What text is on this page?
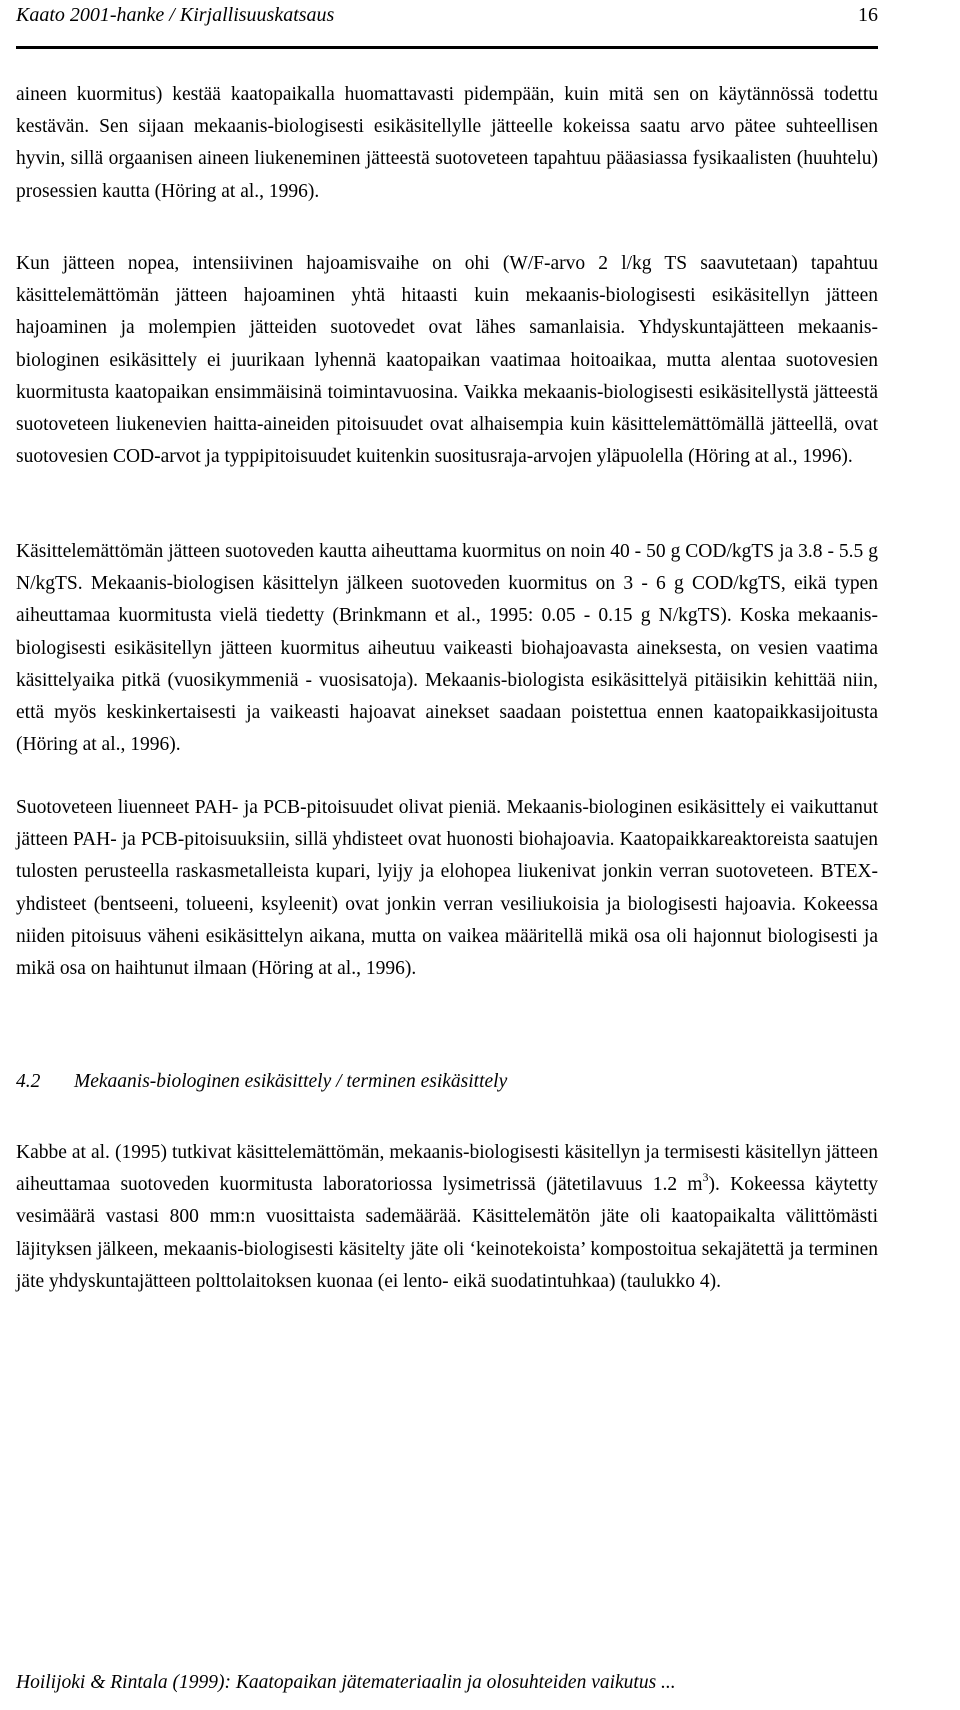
Kaato 2001-hanke / Kirjallisuuskatsaus	16

aineen kuormitus) kestää kaatopaikalla huomattavasti pidempään, kuin mitä sen on käytännössä todettu kestävän. Sen sijaan mekaanis-biologisesti esikäsitellylle jätteelle kokeissa saatu arvo pätee suhteellisen hyvin, sillä orgaanisen aineen liukeneminen jätteestä suotoveteen tapahtuu pääasiassa fysikaalisten (huuhtelu) prosessien kautta (Höring at al., 1996).

Kun jätteen nopea, intensiivinen hajoamisvaihe on ohi (W/F-arvo 2 l/kg TS saavutetaan) tapahtuu käsittelemättömän jätteen hajoaminen yhtä hitaasti kuin mekaanis-biologisesti esikäsitellyn jätteen hajoaminen ja molempien jätteiden suotovedet ovat lähes samanlaisia. Yhdyskuntajätteen mekaanis-biologinen esikäsittely ei juurikaan lyhennä kaatopaikan vaatimaa hoitoaikaa, mutta alentaa suotovesien kuormitusta kaatopaikan ensimmäisinä toimintavuosina. Vaikka mekaanis-biologisesti esikäsitellystä jätteestä suotoveteen liukenevien haitta-aineiden pitoisuudet ovat alhaisempia kuin käsittelemättömällä jätteellä, ovat suotovesien COD-arvot ja typpipitoisuudet kuitenkin suositusraja-arvojen yläpuolella (Höring at al., 1996).

Käsittelemättömän jätteen suotoveden kautta aiheuttama kuormitus on noin 40 - 50 g COD/kgTS ja 3.8 - 5.5 g N/kgTS. Mekaanis-biologisen käsittelyn jälkeen suotoveden kuormitus on 3 - 6 g COD/kgTS, eikä typen aiheuttamaa kuormitusta vielä tiedetty (Brinkmann et al., 1995: 0.05 - 0.15 g N/kgTS). Koska mekaanis-biologisesti esikäsitellyn jätteen kuormitus aiheutuu vaikeasti biohajoavasta aineksesta, on vesien vaatima käsittelyaika pitkä (vuosikymmeniä - vuosisatoja). Mekaanis-biologista esikäsittelyä pitäisikin kehittää niin, että myös keskinkertaisesti ja vaikeasti hajoavat ainekset saadaan poistettua ennen kaatopaikkasijoitusta (Höring at al., 1996).

Suotoveteen liuenneet PAH- ja PCB-pitoisuudet olivat pieniä. Mekaanis-biologinen esikäsittely ei vaikuttanut jätteen PAH- ja PCB-pitoisuuksiin, sillä yhdisteet ovat huonosti biohajoavia. Kaatopaikkareaktoreista saatujen tulosten perusteella raskasmetalleista kupari, lyijy ja elohopea liukenivat jonkin verran suotoveteen. BTEX-yhdisteet (bentseeni, tolueeni, ksyleenit) ovat jonkin verran vesiliukoisia ja biologisesti hajoavia. Kokeessa niiden pitoisuus väheni esikäsittelyn aikana, mutta on vaikea määritellä mikä osa oli hajonnut biologisesti ja mikä osa on haihtunut ilmaan (Höring at al., 1996).

4.2 Mekaanis-biologinen esikäsittely / terminen esikäsittely

Kabbe at al. (1995) tutkivat käsittelemättömän, mekaanis-biologisesti käsitellyn ja termisesti käsitellyn jätteen aiheuttamaa suotoveden kuormitusta laboratoriossa lysimetrissä (jätetilavuus 1.2 $m^3$). Kokeessa käytetty vesimäärä vastasi 800 mm:n vuosittaista sademäärää. Käsittelemätön jäte oli kaatopaikalta välittömästi läjityksen jälkeen, mekaanis-biologisesti käsitelty jäte oli ‘keinotekoista’ kompostoitua sekajätettä ja terminen jäte yhdyskuntajätteen polttolaitoksen kuonaa (ei lento- eikä suodatintuhkaa) (taulukko 4).

Hoilijoki & Rintala (1999): Kaatopaikan jätemateriaalin ja olosuhteiden vaikutus ...
